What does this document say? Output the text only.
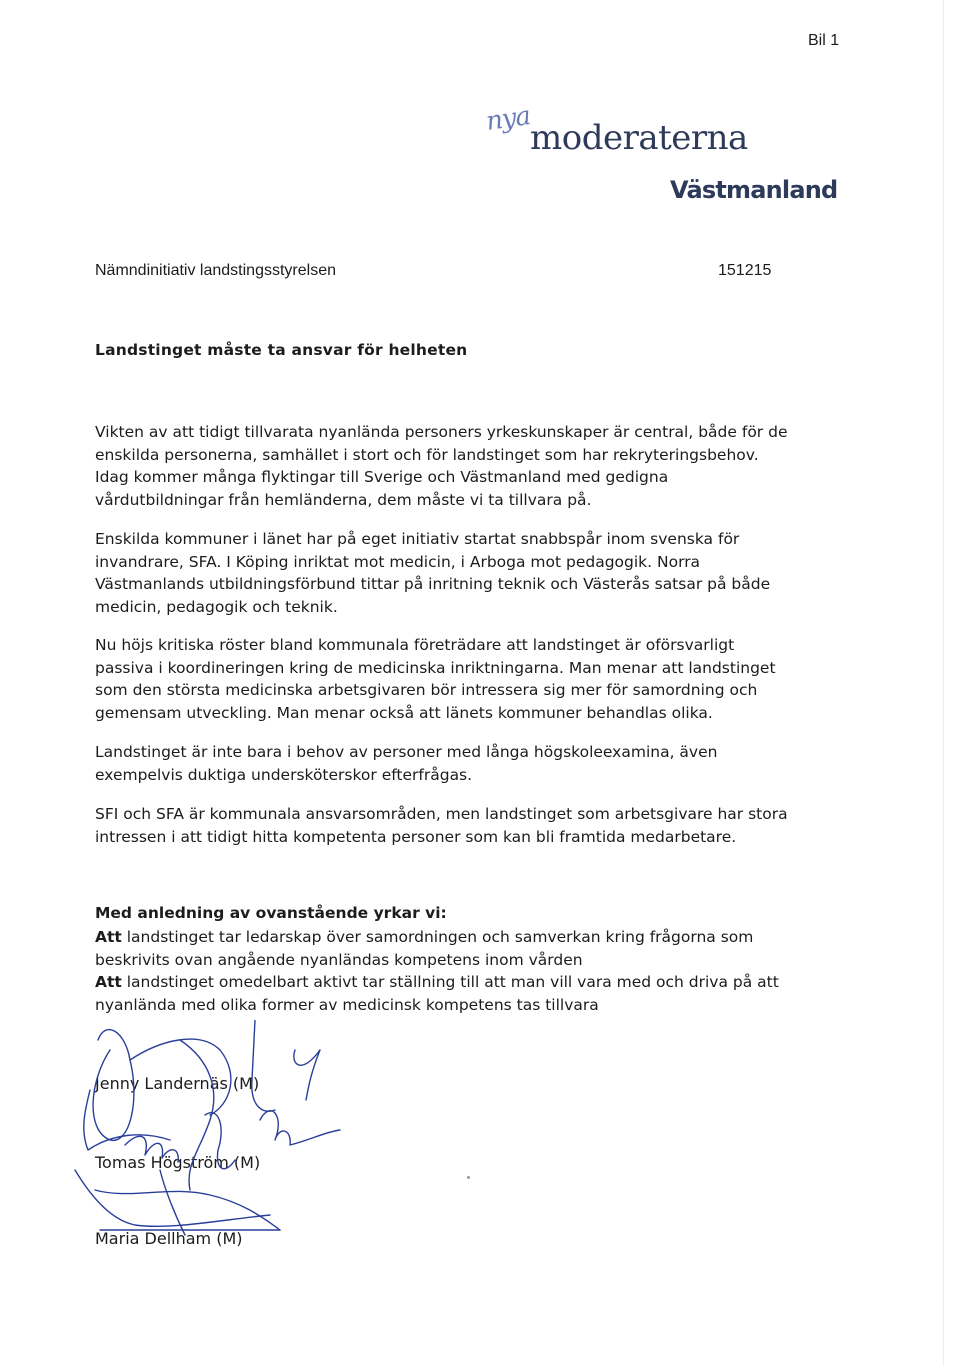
Bil 1
nya
moderaterna
Västmanland
Nämndinitiativ landstingsstyrelsen	151215
Landstinget måste ta ansvar för helheten
Vikten av att tidigt tillvarata nyanlända personers yrkeskunskaper är central, både för de
enskilda personerna, samhället i stort och för landstinget som har rekryteringsbehov.
Idag kommer många flyktingar till Sverige och Västmanland med gedigna
vårdutbildningar från hemländerna, dem måste vi ta tillvara på.
Enskilda kommuner i länet har på eget initiativ startat snabbspår inom svenska för
invandrare, SFA. I Köping inriktat mot medicin, i Arboga mot pedagogik. Norra
Västmanlands utbildningsförbund tittar på inritning teknik och Västerås satsar på både
medicin, pedagogik och teknik.
Nu höjs kritiska röster bland kommunala företrädare att landstinget är oförsvarligt
passiva i koordineringen kring de medicinska inriktningarna. Man menar att landstinget
som den största medicinska arbetsgivaren bör intressera sig mer för samordning och
gemensam utveckling. Man menar också att länets kommuner behandlas olika.
Landstinget är inte bara i behov av personer med långa högskoleexamina, även
exempelvis duktiga undersköterskor efterfrågas.
SFI och SFA är kommunala ansvarsområden, men landstinget som arbetsgivare har stora
intressen i att tidigt hitta kompetenta personer som kan bli framtida medarbetare.
Med anledning av ovanstående yrkar vi:
Att landstinget tar ledarskap över samordningen och samverkan kring frågorna som
beskrivits ovan angående nyanländas kompetens inom vården
Att landstinget omedelbart aktivt tar ställning till att man vill vara med och driva på att
nyanlända med olika former av medicinsk kompetens tas tillvara
Jenny Landernäs (M)
Tomas Högström (M)
Maria Dellham (M)
